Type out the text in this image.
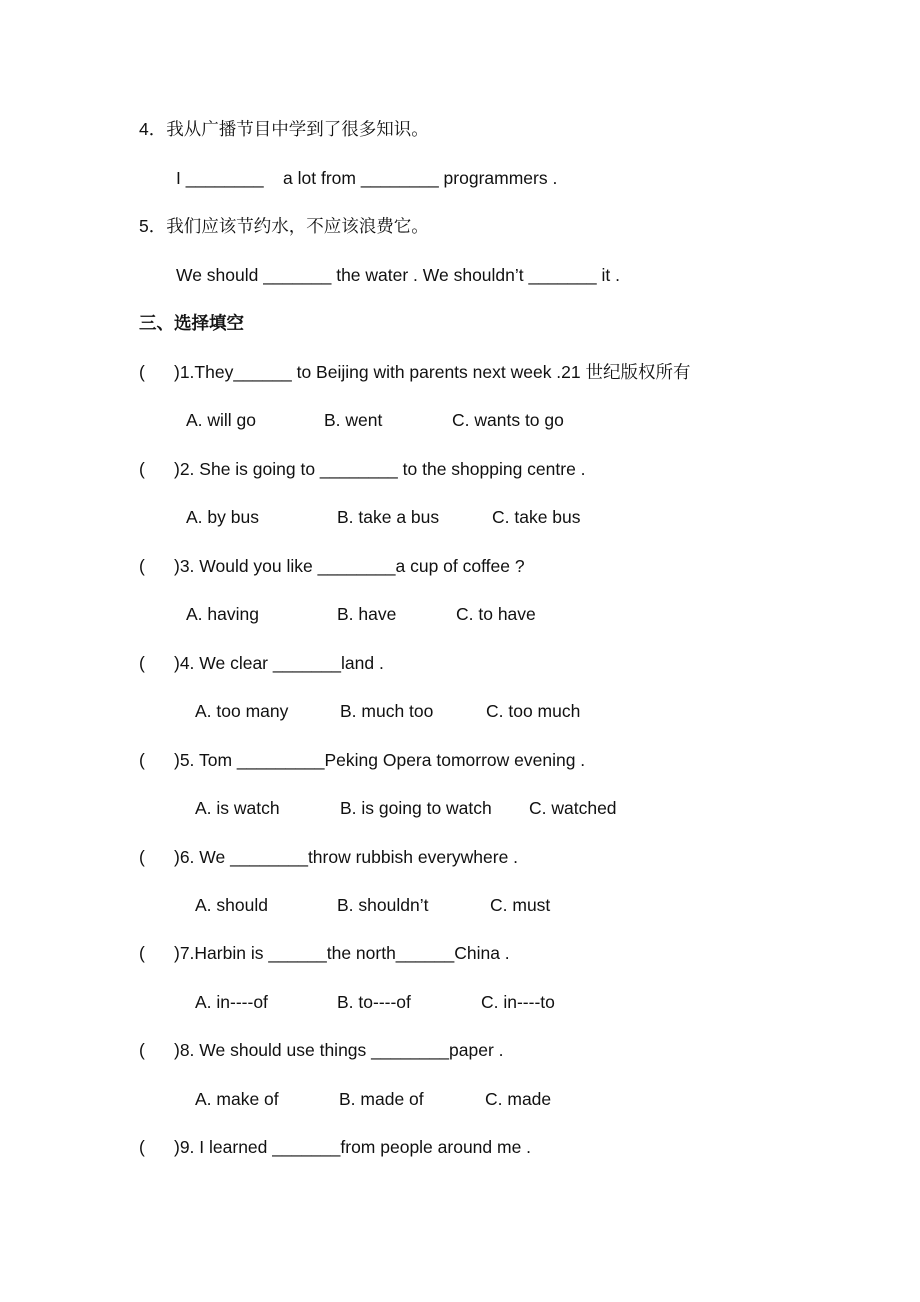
4．我从广播节目中学到了很多知识。
I ________    a lot from ________ programmers .
5．我们应该节约水，不应该浪费它。
We should _______ the water . We shouldn’t _______ it .
三、选择填空
(      )1.They______ to Beijing with parents next week .21 世纪版权所有
A. will go	B. went	C. wants to go
(      )2. She is going to ________ to the shopping centre .
A. by bus	B. take a bus	C. take bus
(      )3. Would you like ________a cup of coffee ?
A. having	B. have	C. to have
(      )4. We clear _______land .
A. too many	B. much too	C. too much
(      )5. Tom _________Peking Opera tomorrow evening .
A. is watch	B. is going to watch C. watched
(      )6. We ________throw rubbish everywhere .
A. should	B. shouldn’t	C. must
(      )7.Harbin is ______the north______China .
A. in----of	B. to----of	C. in----to
(      )8. We should use things ________paper .
A. make of	B. made of	C. made
(      )9. I learned _______from people around me .
